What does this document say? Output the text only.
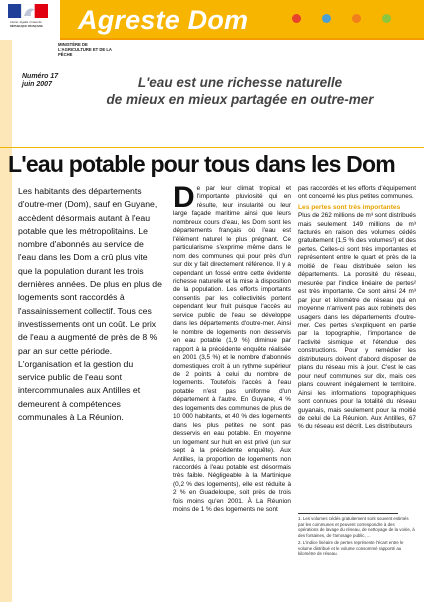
Agreste Dom
Liberté • Égalité • Fraternité
RÉPUBLIQUE FRANÇAISE
MINISTÈRE DE L'AGRICULTURE ET DE LA PÊCHE
Numéro 17
juin 2007	L'eau est une richesse naturelle
de mieux en mieux partagée en outre-mer
L'eau potable pour tous dans les Dom
Les habitants des départements d'outre-mer (Dom), sauf en Guyane, accèdent désormais autant à l'eau potable que les métropolitains. Le nombre d'abonnés au service de l'eau dans les Dom a crû plus vite que la population durant les trois dernières années. De plus en plus de logements sont raccordés à l'assainissement collectif. Tous ces investissements ont un coût. Le prix de l'eau a augmenté de près de 8 % par an sur cette période. L'organisation et la gestion du service public de l'eau sont intercommunales aux Antilles et demeurent à compétences communales à La Réunion.
De par leur climat tropical et l'importante pluviosité qui en résulte, leur insularité ou leur large façade maritime ainsi que leurs nombreux cours d'eau, les Dom sont les départements français où l'eau est l'élément naturel le plus prégnant. Ce particularisme s'exprime même dans le nom des communes qui pour près d'un sur dix y fait directement référence. Il y a cependant un fossé entre cette évidente richesse naturelle et la mise à disposition de la population. Les efforts importants consentis par les collectivités portent cependant leur fruit puisque l'accès au service public de l'eau se développe dans les départements d'outre-mer. Ainsi le nombre de logements non desservis en eau potable (1,9 %) diminue par rapport à la précédente enquête réalisée en 2001 (3,5 %) et le nombre d'abonnés domestiques croît à un rythme supérieur de 2 points à celui du nombre de logements. Toutefois l'accès à l'eau potable n'est pas uniforme d'un département à l'autre. En Guyane, 4 % des logements des communes de plus de 10 000 habitants, et 40 % des logements dans les plus petites ne sont pas desservis en eau potable. En moyenne un logement sur huit en est privé (un sur sept à la précédente enquête). Aux Antilles, la proportion de logements non raccordés à l'eau potable est désormais très faible. Négligeable à la Martinique (0,2 % des logements), elle est réduite à 2 % en Guadeloupe, soit près de trois fois moins qu'en 2001. À La Réunion moins de 1 % des logements ne sont
pas raccordés et les efforts d'équipement ont concerné les plus petites communes.
Les pertes sont très importantes
Plus de 262 millions de m³ sont distribués mais seulement 149 millions de m³ facturés en raison des volumes cédés gratuitement (1,5 % des volumes¹) et des pertes. Celles-ci sont très importantes et représentent entre le quart et près de la moitié de l'eau distribuée selon les départements. La porosité du réseau, mesurée par l'indice linéaire de pertes² est très importante. Ce sont ainsi 24 m³ par jour et kilomètre de réseau qui en moyenne n'arrivent pas aux robinets des usagers dans les départements d'outre-mer. Ces pertes s'expliquent en partie par la topographie, l'importance de l'activité sismique et l'étendue des constructions. Pour y remédier les distributeurs doivent d'abord disposer de plans du réseau mis à jour. C'est le cas pour neuf communes sur dix, mais ces plans couvrent inégalement le territoire. Ainsi les informations topographiques sont connues pour la totalité du réseau guyanais, mais seulement pour la moitié de celui de La Réunion. Aux Antilles, 67 % du réseau est décrit. Les distributeurs
1. Les volumes cédés gratuitement sont souvent estimés par les communes et peuvent correspondre à des opérations de lavage du réseau, de nettoyage de la voirie, à des fontaines, de l'arrosage public, ...
2. L'indice linéaire de pertes représente l'écart entre le volume distribué et le volume consommé rapporté au kilomètre de réseau.
